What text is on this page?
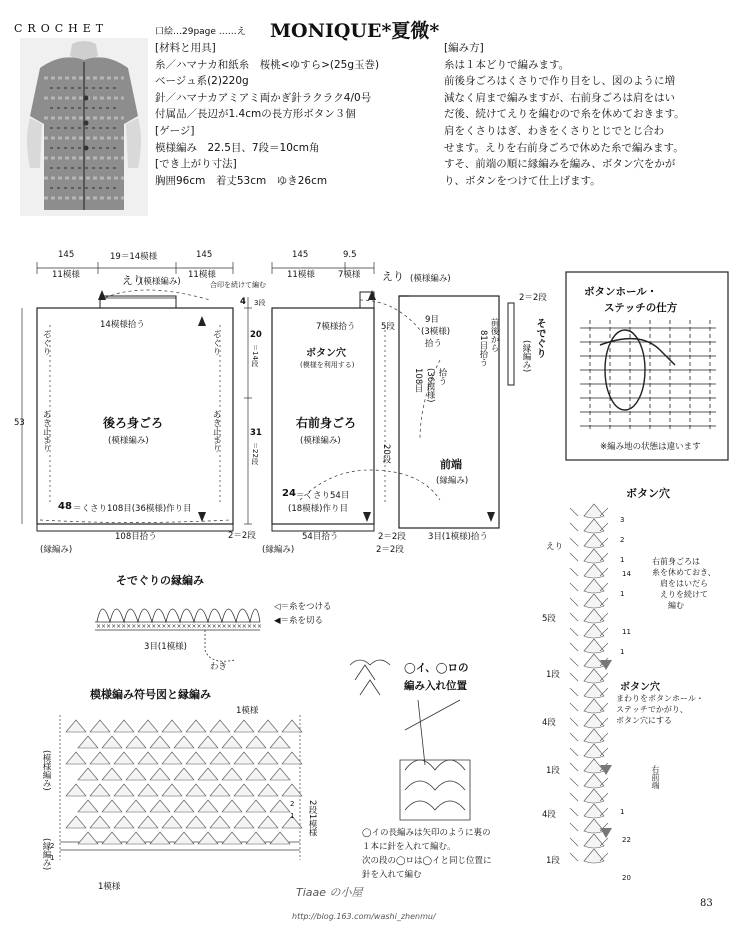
CROCHET	口絵…29page ……え MONIQUE*夏微*
[材料と用具]
糸／ハマナカ和紙糸　桜桃<ゆすら>(25g玉巻)
ベージュ系(2)220g
針／ハマナカアミアミ両かぎ針ラクラク4/0号
付属品／長辺が1.4cmの長方形ボタン３個
[ゲージ]
模様編み　22.5目、7段＝10cm角
[でき上がり寸法]
胸囲96cm　着丈53cm　ゆき26cm
[編み方]
糸は１本どりで編みます。
前後身ごろはくさりで作り目をし、図のように増
減なく肩まで編みますが、右前身ごろは肩をはい
だ後、続けてえりを編むので糸を休めておきます。
肩をくさりはぎ、わきをくさりとじでとじ合わ
せます。えりを右前身ごろで休めた糸で編みます。
すそ、前端の順に縁編みを編み、ボタン穴をかが
り、ボタンをつけて仕上げます。
×××××××××××××××××××××××××××××××××
145	19＝14模様	145
11模様	11模様
えり
(模様編み)	合印を続けて編む
14模様拾う
そぐり
あき止まり
そぐり
あき止まり
後ろ身ごろ
(模様編み)
48 ＝くさり108目(36模様)作り目
108目拾う
(縁編み)
53
4 3段
20
＝14段
31
＝22段
2＝2段
145	9.5
11模様	7模様 えり (模様編み)
7模様拾う	5段
ボタン穴
(模様を利用する)
右前身ごろ
(模様編み)
20段
24 ＝くさり54目
(18模様)作り目
54目拾う
(縁編み)	2＝2段
9目
(3模様)
拾う
108目 (36模様) 拾う
前端
(縁編み)
3目(1模様)拾う
2＝2段
2＝2段
そでぐり
前後から
81目拾う	(縁編み)
ボタンホール・
ステッチの仕方
※編み地の状態は違います
そでぐりの縁編み
◁＝糸をつける
◀＝糸を切る
3目(1模様)
わき
模様編み符号図と縁編み
1模様
(模様編み)
(縁編み)
2段1模様
1模様
2
1
2
1
◯イ、◯ロの
編み入れ位置
◯イの長編みは矢印のように裏の
１本に針を入れて編む。
次の段の◯ロは◯イと同じ位置に
針を入れて編む
ボタン穴
えり
5段
1段
4段
1段
4段
1段
右前身ごろは
糸を休めておき、
肩をはいだら
えりを続けて
編む
ボタン穴
まわりをボタンホール・
ステッチでかがり、
ボタン穴にする
右前端
3
2
1
14
1
11
1
1
22
20
Tiaae の小屋
http://blog.163.com/washi_zhenmu/
83
